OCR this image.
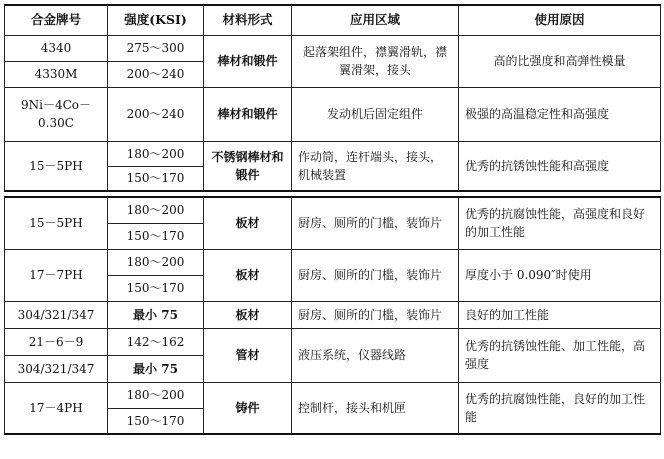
合金牌号	强度(KSI)	材料形式	应用区域	使用原因
4340	275～300	棒材和锻件	起落架组件，襟翼滑轨，襟翼滑架，接头	高的比强度和高弹性模量
4330M	200～240			
9Ni－4Co－0.30C	200～240	棒材和锻件	发动机后固定组件	极强的高温稳定性和高强度
15－5PH	180～200	不锈钢棒材和锻件	作动筒，连杆端头，接头，机械装置	优秀的抗锈蚀性能和高强度
	150～170			
15－5PH	180～200	板材	厨房、厕所的门槛，装饰片	优秀的抗腐蚀性能，高强度和良好的加工性能
	150～170			
17－7PH	180～200	板材	厨房、厕所的门槛，装饰片	厚度小于 0.090″时使用
	150～170			
304/321/347	最小 75	板材	厨房、厕所的门槛，装饰片	良好的加工性能
21－6－9	142～162	管材	液压系统，仪器线路	优秀的抗锈蚀性能、加工性能，高强度
304/321/347	最小 75			
17－4PH	180～200	铸件	控制杆，接头和机匣	优秀的抗腐蚀性能，良好的加工性能
	150～170			
